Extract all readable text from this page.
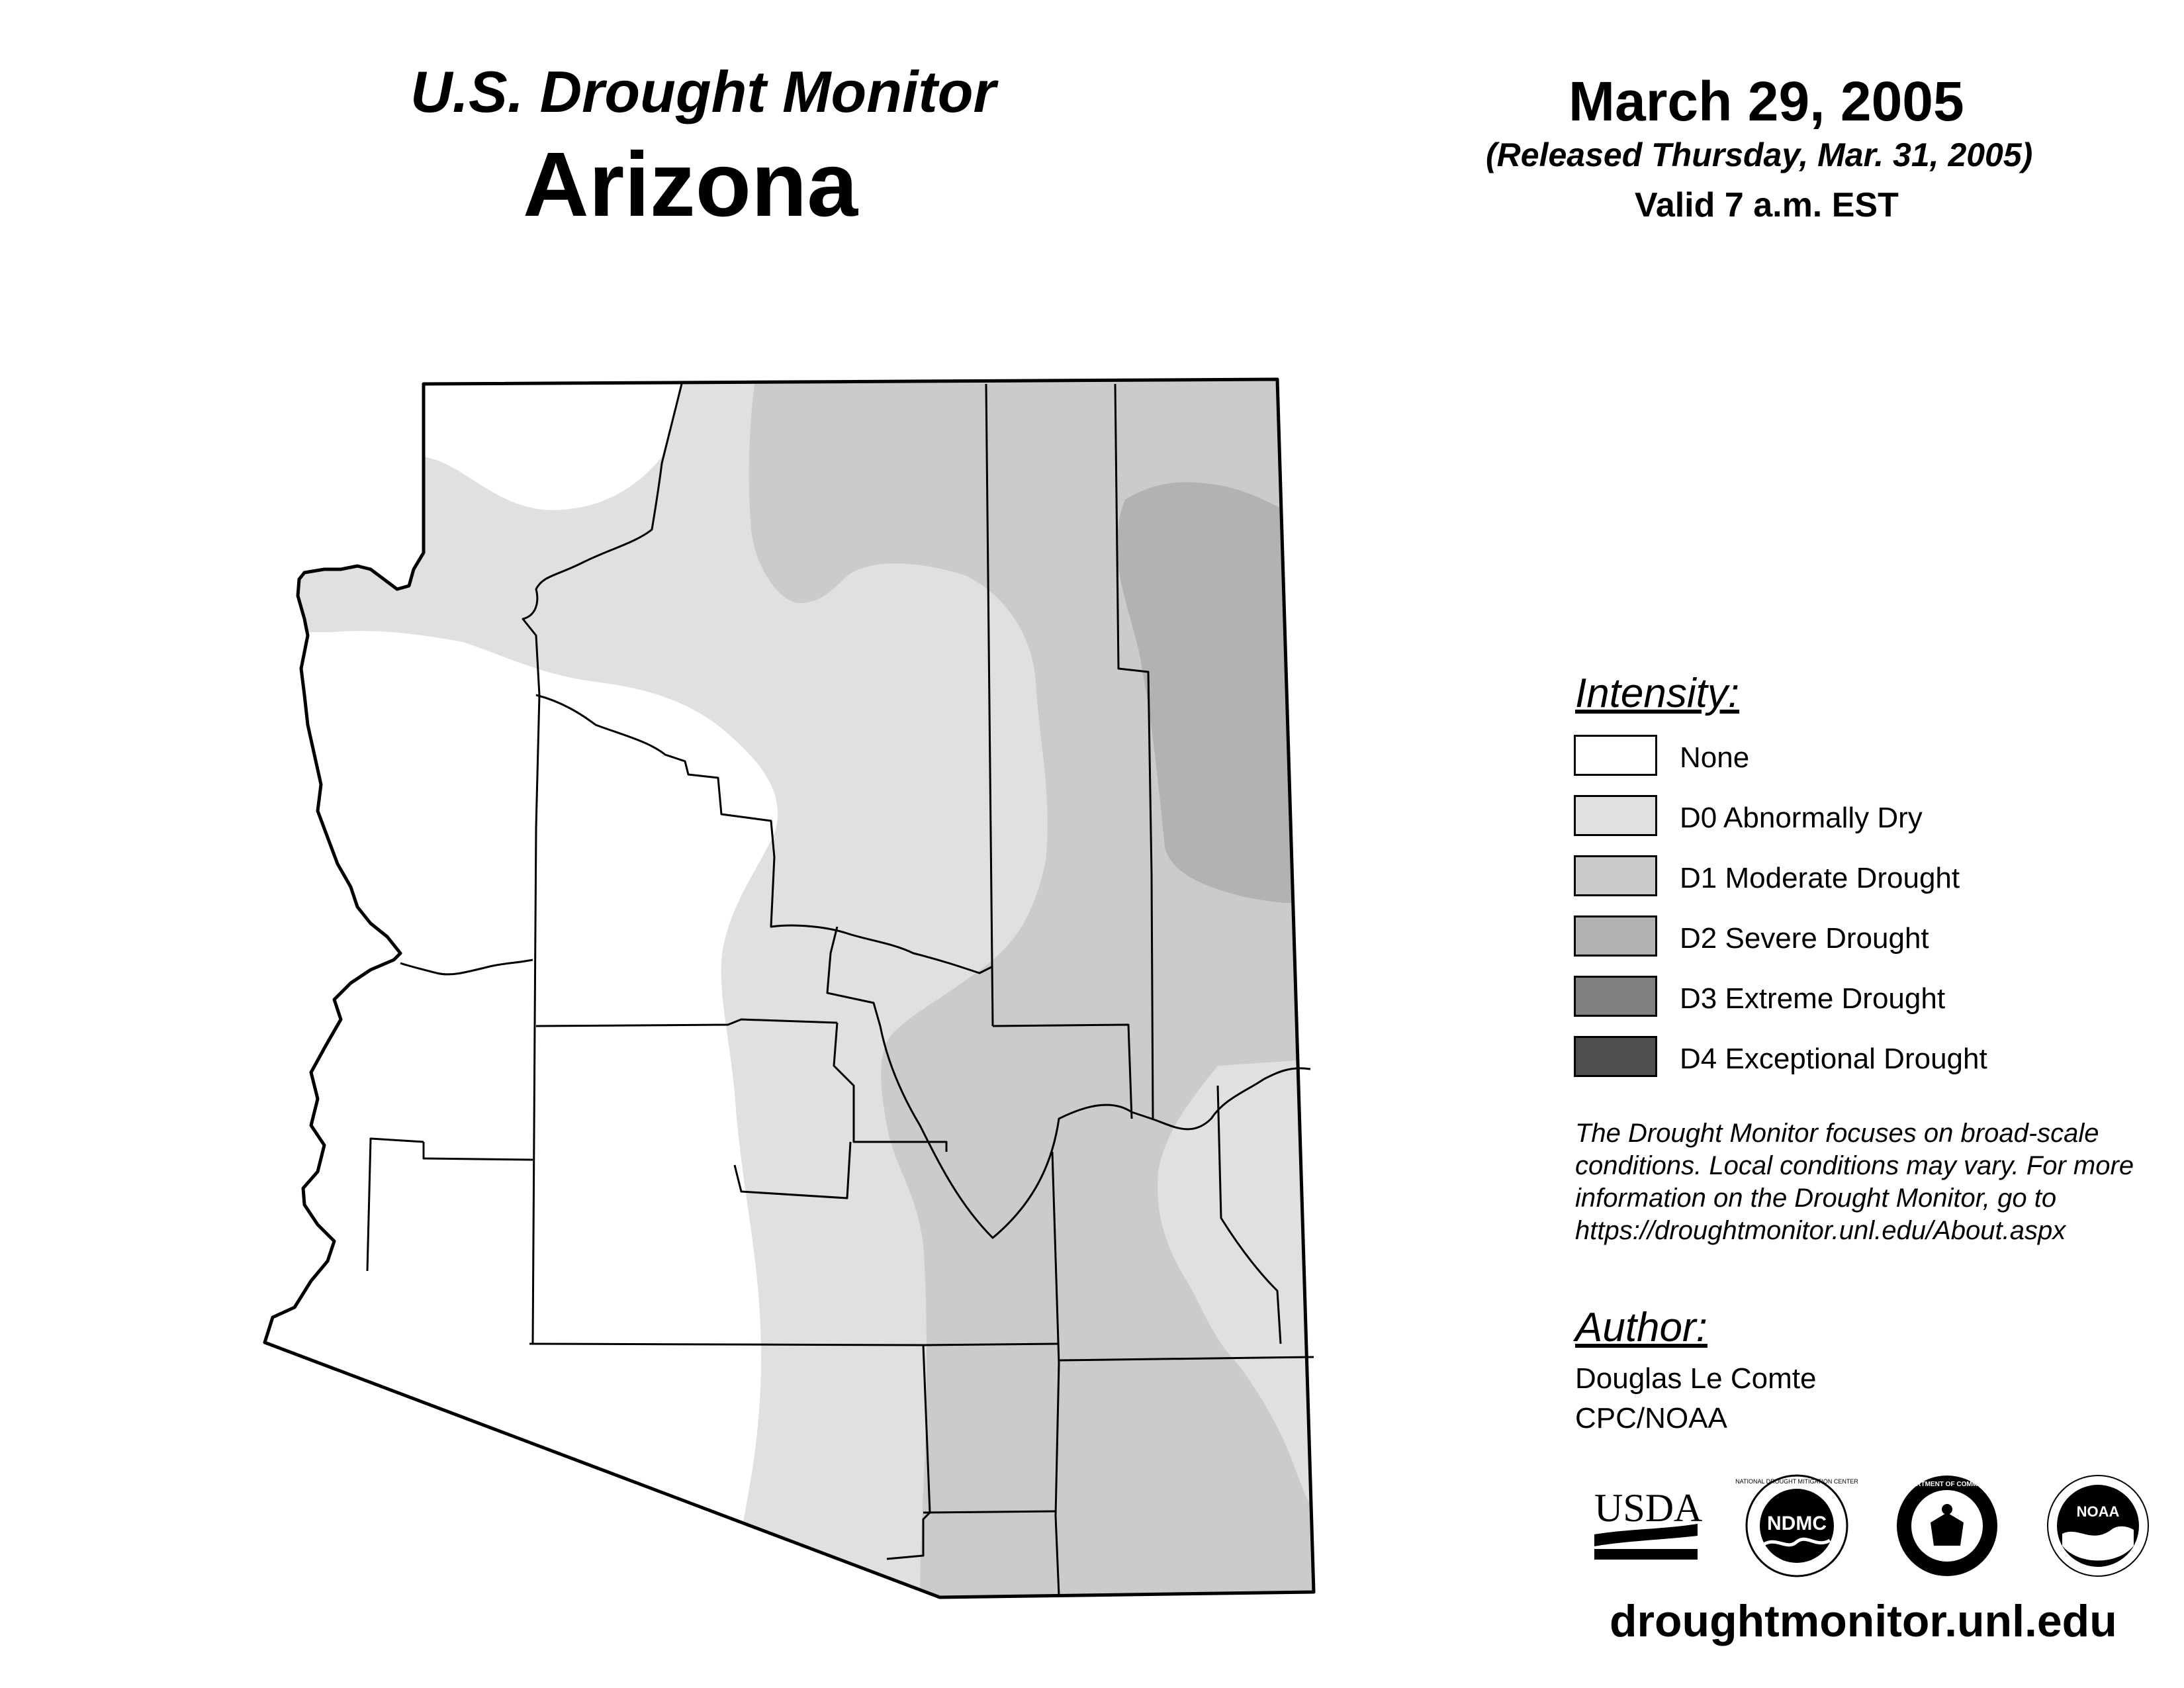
U.S. Drought Monitor
Arizona
March 29, 2005
(Released Thursday, Mar. 31, 2005)
Valid 7 a.m. EST
Intensity:
None
D0 Abnormally Dry
D1 Moderate Drought
D2 Severe Drought
D3 Extreme Drought
D4 Exceptional Drought
The Drought Monitor focuses on broad-scale conditions. Local conditions may vary. For more information on the Drought Monitor, go to https://droughtmonitor.unl.edu/About.aspx
Author:
Douglas Le Comte
CPC/NOAA
USDA	NDMC
NATIONAL DROUGHT MITIGATION CENTER	DEPARTMENT OF COMMERCE
NOAA
droughtmonitor.unl.edu
